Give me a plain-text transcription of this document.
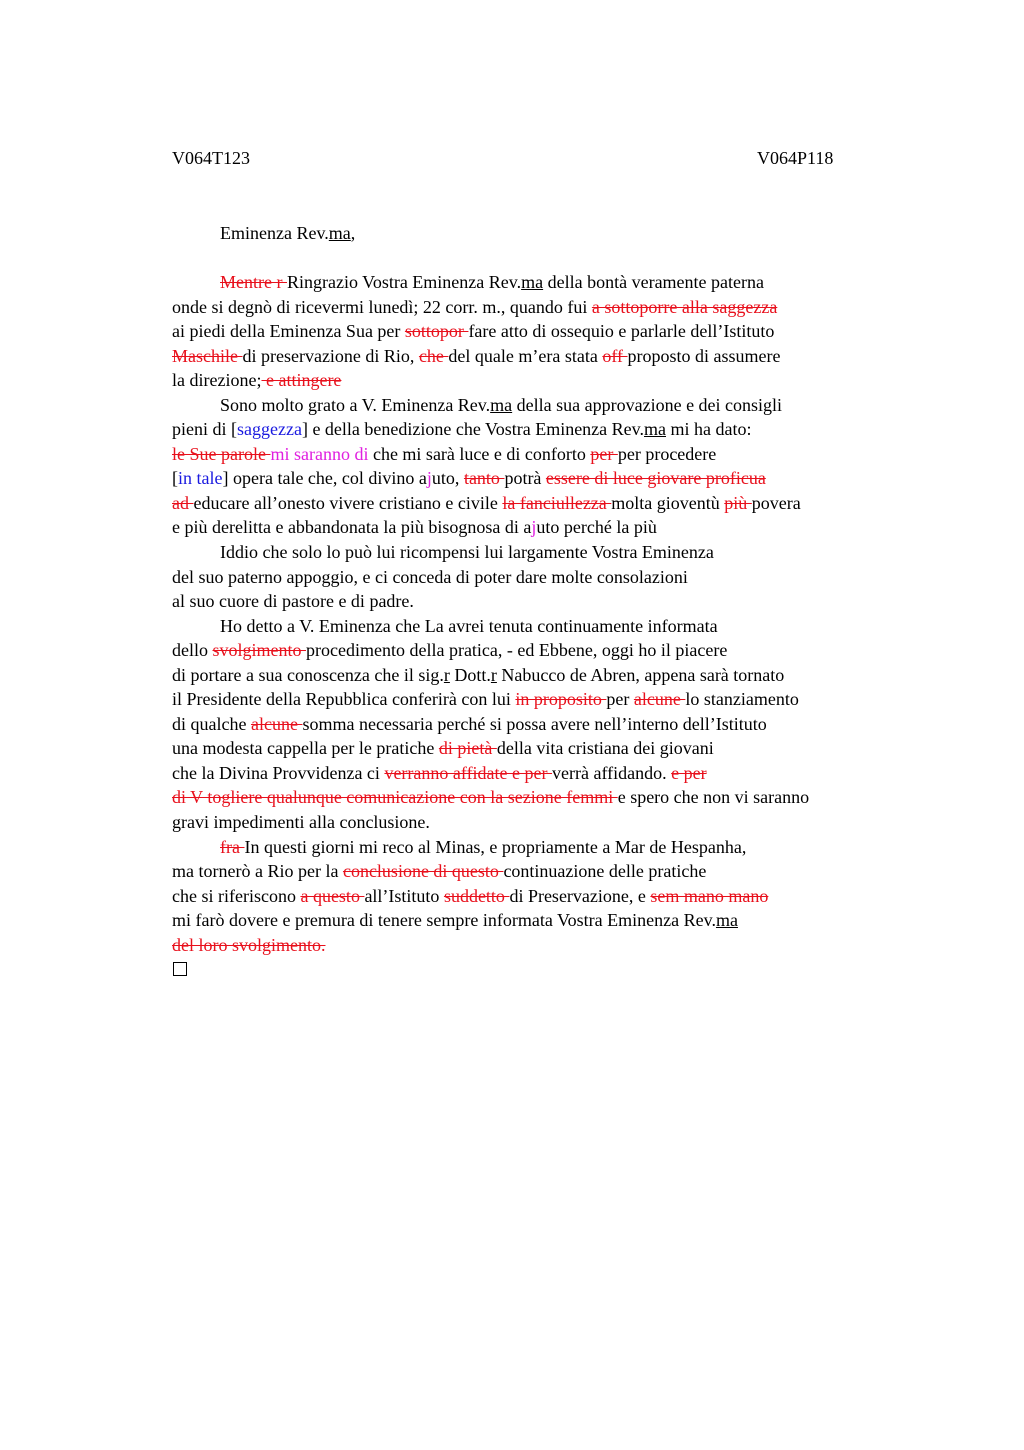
V064T123	V064P118
Eminenza Rev.ma,
Mentre r Ringrazio Vostra Eminenza Rev.ma della bontà veramente paterna
onde si degnò di ricevermi lunedì; 22 corr. m., quando fui a sottoporre alla saggezza
ai piedi della Eminenza Sua per sottopor fare atto di ossequio e parlarle dell’Istituto
Maschile di preservazione di Rio, che del quale m’era stata off proposto di assumere
la direzione; e attingere
Sono molto grato a V. Eminenza Rev.ma della sua approvazione e dei consigli
pieni di [saggezza] e della benedizione che Vostra Eminenza Rev.ma mi ha dato:
le Sue parole mi saranno di che mi sarà luce e di conforto per per procedere
[in tale] opera tale che, col divino ajuto, tanto potrà essere di luce giovare proficua
ad educare all’onesto vivere cristiano e civile la fanciullezza molta gioventù più povera
e più derelitta e abbandonata la più bisognosa di ajuto perché la più
Iddio che solo lo può lui ricompensi lui largamente Vostra Eminenza
del suo paterno appoggio, e ci conceda di poter dare molte consolazioni
al suo cuore di pastore e di padre.
Ho detto a V. Eminenza che La avrei tenuta continuamente informata
dello svolgimento procedimento della pratica, - ed Ebbene, oggi ho il piacere
di portare a sua conoscenza che il sig.r Dott.r Nabucco de Abren, appena sarà tornato
il Presidente della Repubblica conferirà con lui in proposito per alcune lo stanziamento
di qualche alcune somma necessaria perché si possa avere nell’interno dell’Istituto
una modesta cappella per le pratiche di pietà della vita cristiana dei giovani
che la Divina Provvidenza ci verranno affidate e per verrà affidando. e per
di V togliere qualunque comunicazione con la sezione femmi e spero che non vi saranno
gravi impedimenti alla conclusione.
fra In questi giorni mi reco al Minas, e propriamente a Mar de Hespanha,
ma tornerò a Rio per la conclusione di questo continuazione delle pratiche
che si riferiscono a questo all’Istituto suddetto di Preservazione, e sem mano mano
mi farò dovere e premura di tenere sempre informata Vostra Eminenza Rev.ma
del loro svolgimento.
